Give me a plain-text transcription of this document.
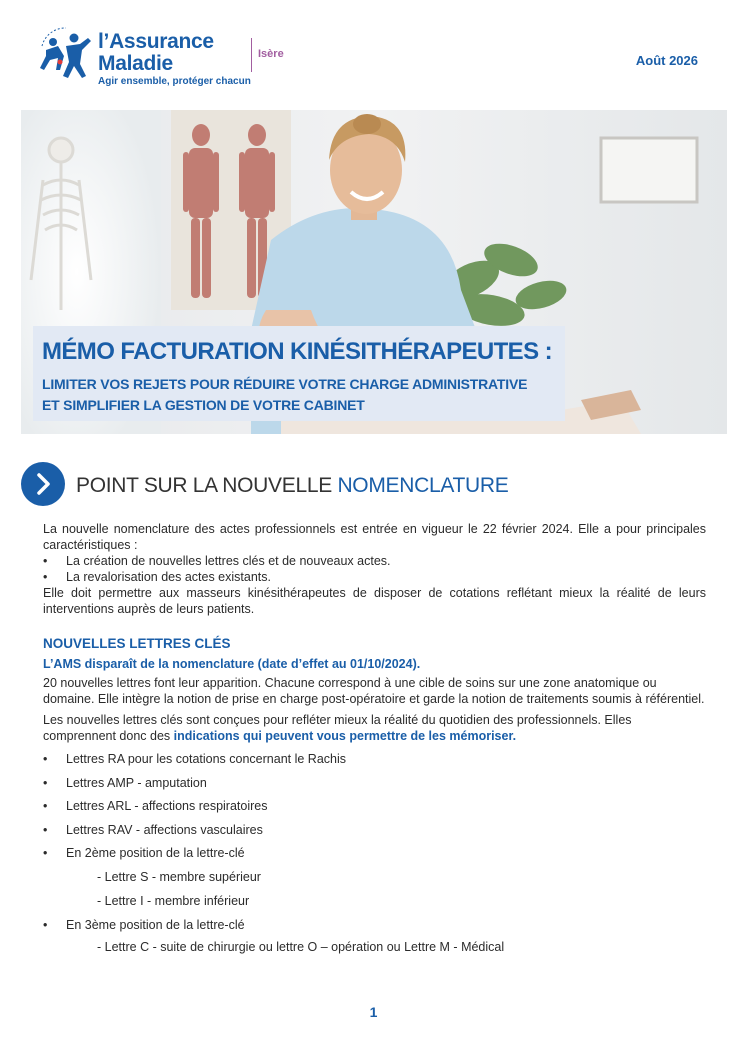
l’Assurance
Maladie
Agir ensemble, protéger chacun
Isère	Août 2026
MÉMO FACTURATION KINÉSITHÉRAPEUTES :
LIMITER VOS REJETS POUR RÉDUIRE VOTRE CHARGE ADMINISTRATIVE
ET SIMPLIFIER LA GESTION DE VOTRE CABINET
POINT SUR LA NOUVELLE NOMENCLATURE

La nouvelle nomenclature des actes professionnels est entrée en vigueur le 22 février 2024. Elle a pour principales caractéristiques :

• La création de nouvelles lettres clés et de nouveaux actes.
• La revalorisation des actes existants.

Elle doit permettre aux masseurs kinésithérapeutes de disposer de cotations reflétant mieux la réalité de leurs interventions auprès de leurs patients.

NOUVELLES LETTRES CLÉS

L’AMS disparaît de la nomenclature (date d’effet au 01/10/2024).

20 nouvelles lettres font leur apparition. Chacune correspond à une cible de soins sur une zone anatomique ou domaine. Elle intègre la notion de prise en charge post-opératoire et garde la notion de traitements soumis à référentiel.

Les nouvelles lettres clés sont conçues pour refléter mieux la réalité du quotidien des professionnels. Elles comprennent donc des indications qui peuvent vous permettre de les mémoriser.

• Lettres RA pour les cotations concernant le Rachis
• Lettres AMP - amputation
• Lettres ARL - affections respiratoires
• Lettres RAV - affections vasculaires
• En 2ème position de la lettre-clé

- Lettre S - membre supérieur

- Lettre I - membre inférieur

• En 3ème position de la lettre-clé

- Lettre C - suite de chirurgie ou lettre O – opération ou Lettre M - Médical

1
